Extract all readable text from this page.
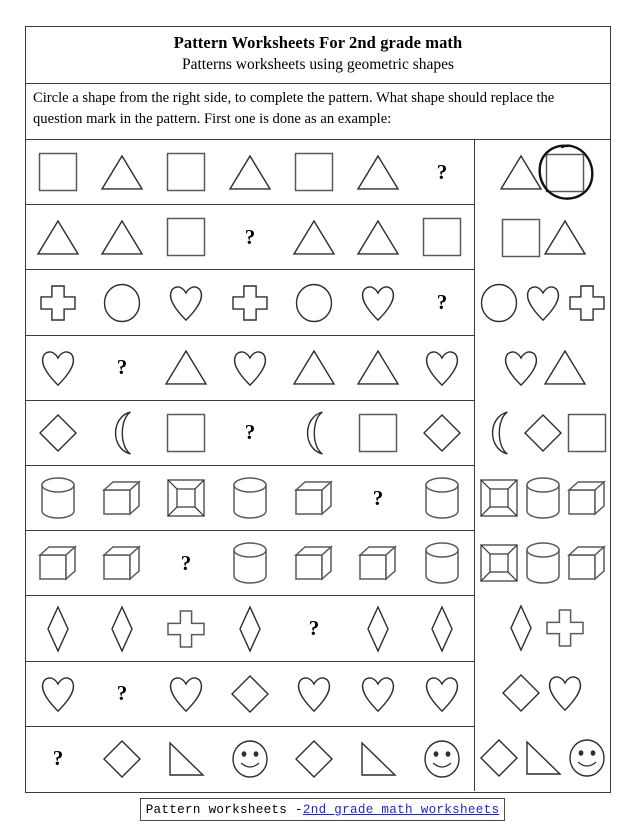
Pattern Worksheets For 2nd grade math
Patterns worksheets using geometric shapes
Circle a shape from the right side, to complete the pattern. What shape should replace the question mark in the pattern. First one is done as an example:
?
?
?
?
?
?
?
?
?
?
Pattern worksheets - 2nd grade math worksheets
